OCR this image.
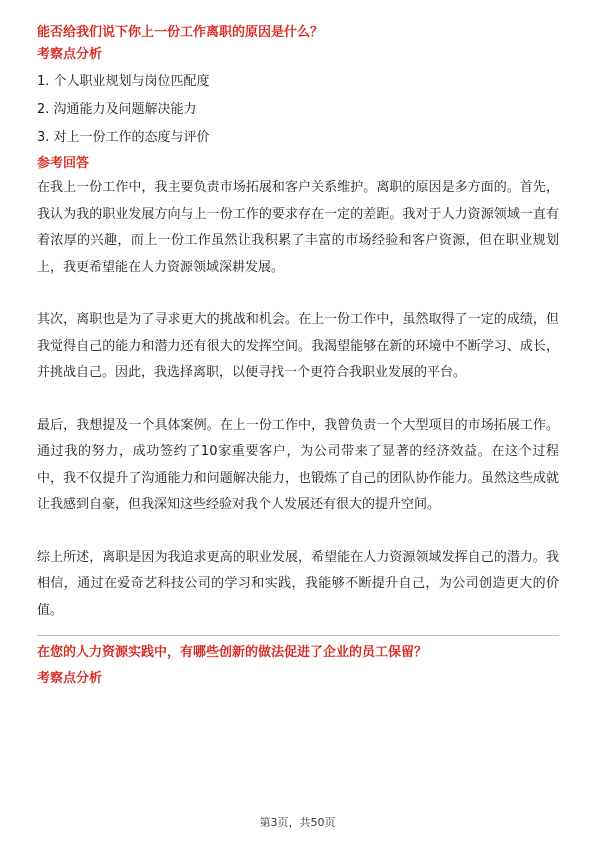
能否给我们说下你上一份工作离职的原因是什么？

考察点分析

1. 个人职业规划与岗位匹配度

2. 沟通能力及问题解决能力

3. 对上一份工作的态度与评价

参考回答

在我上一份工作中，我主要负责市场拓展和客户关系维护。离职的原因是多方面的。首先，我认为我的职业发展方向与上一份工作的要求存在一定的差距。我对于人力资源领域一直有着浓厚的兴趣，而上一份工作虽然让我积累了丰富的市场经验和客户资源，但在职业规划上，我更希望能在人力资源领域深耕发展。

其次，离职也是为了寻求更大的挑战和机会。在上一份工作中，虽然取得了一定的成绩，但我觉得自己的能力和潜力还有很大的发挥空间。我渴望能够在新的环境中不断学习、成长，并挑战自己。因此，我选择离职，以便寻找一个更符合我职业发展的平台。

最后，我想提及一个具体案例。在上一份工作中，我曾负责一个大型项目的市场拓展工作。通过我的努力，成功签约了10家重要客户，为公司带来了显著的经济效益。在这个过程中，我不仅提升了沟通能力和问题解决能力，也锻炼了自己的团队协作能力。虽然这些成就让我感到自豪，但我深知这些经验对我个人发展还有很大的提升空间。

综上所述，离职是因为我追求更高的职业发展，希望能在人力资源领域发挥自己的潜力。我相信，通过在爱奇艺科技公司的学习和实践，我能够不断提升自己，为公司创造更大的价值。

在您的人力资源实践中，有哪些创新的做法促进了企业的员工保留？

考察点分析

第3页，共50页
